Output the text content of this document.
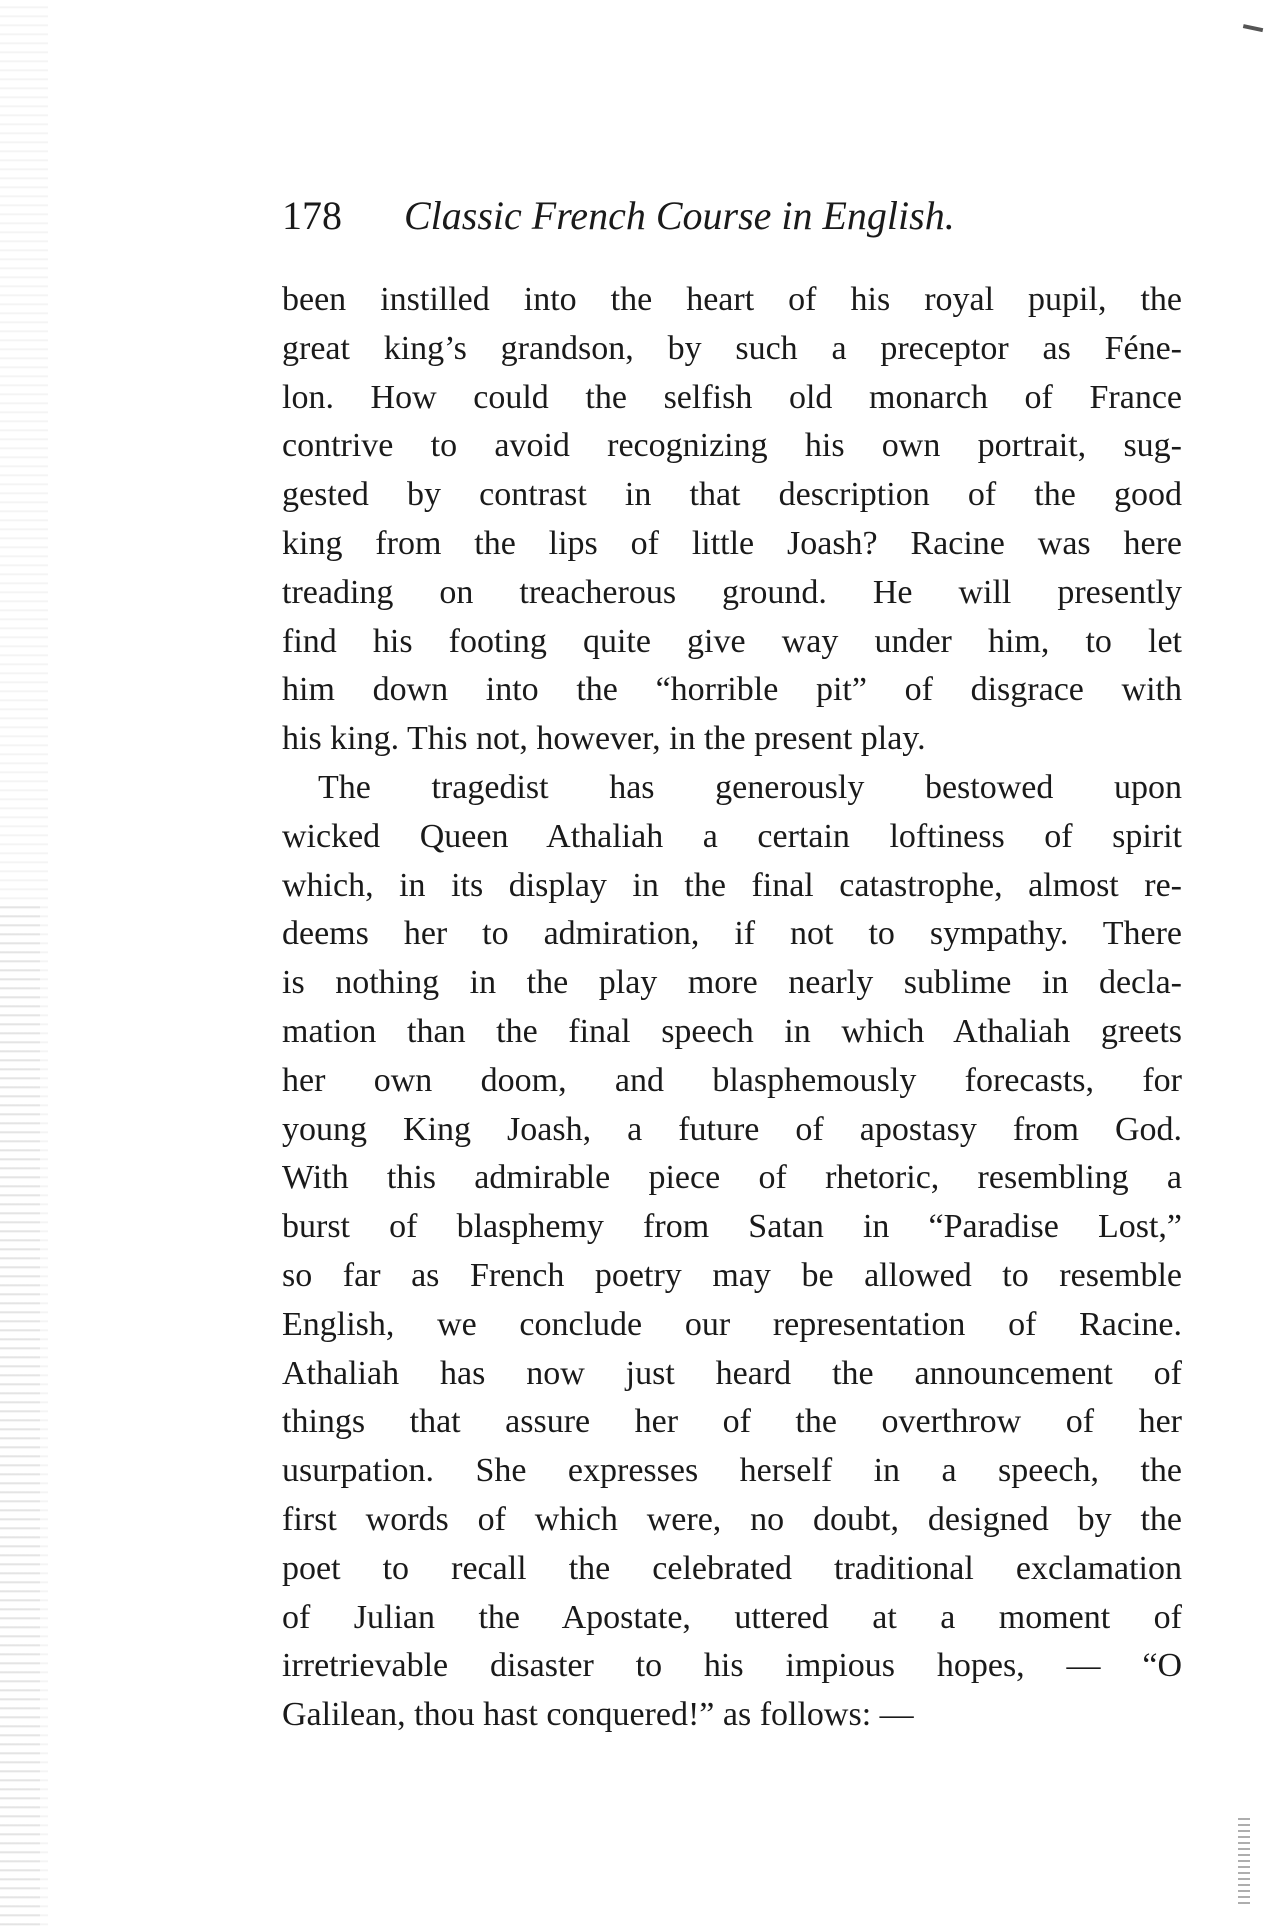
178 Classic French Course in English.
been instilled into the heart of his royal pupil, the
great king’s grandson, by such a preceptor as Féne-
lon. How could the selfish old monarch of France
contrive to avoid recognizing his own portrait, sug-
gested by contrast in that description of the good
king from the lips of little Joash? Racine was here
treading on treacherous ground. He will presently
find his footing quite give way under him, to let
him down into the “horrible pit” of disgrace with
his king. This not, however, in the present play.
The tragedist has generously bestowed upon
wicked Queen Athaliah a certain loftiness of spirit
which, in its display in the final catastrophe, almost re-
deems her to admiration, if not to sympathy. There
is nothing in the play more nearly sublime in decla-
mation than the final speech in which Athaliah greets
her own doom, and blasphemously forecasts, for
young King Joash, a future of apostasy from God.
With this admirable piece of rhetoric, resembling a
burst of blasphemy from Satan in “Paradise Lost,”
so far as French poetry may be allowed to resemble
English, we conclude our representation of Racine.
Athaliah has now just heard the announcement of
things that assure her of the overthrow of her
usurpation. She expresses herself in a speech, the
first words of which were, no doubt, designed by the
poet to recall the celebrated traditional exclamation
of Julian the Apostate, uttered at a moment of
irretrievable disaster to his impious hopes, — “O
Galilean, thou hast conquered!” as follows: —
